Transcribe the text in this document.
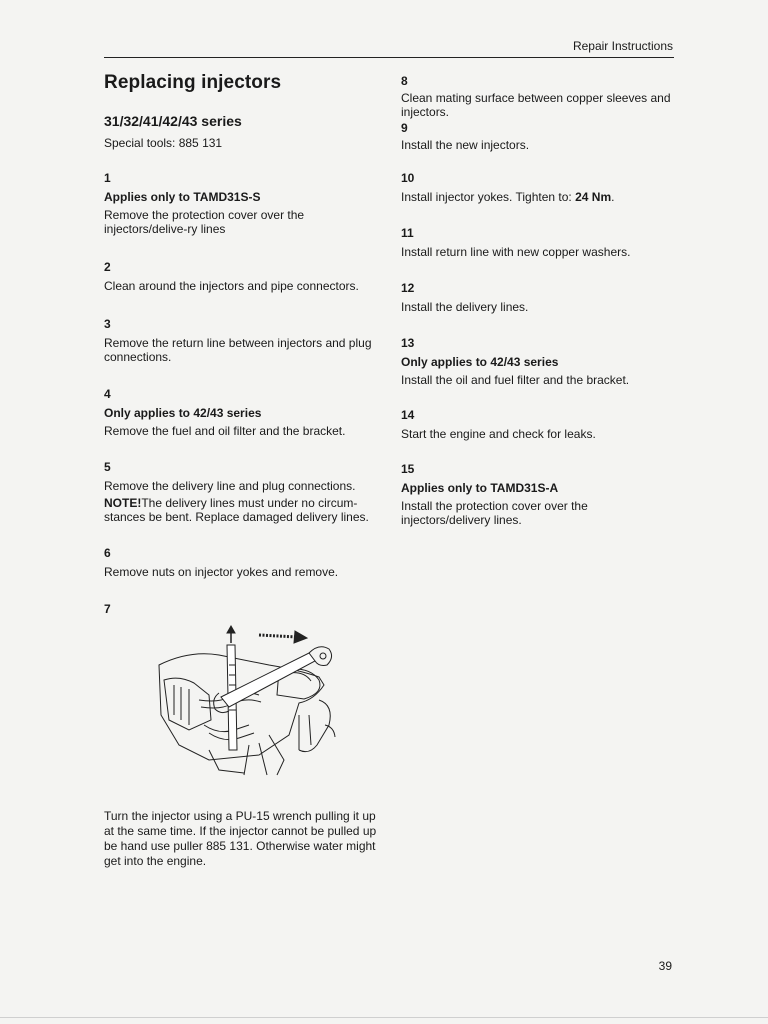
Repair Instructions
Replacing injectors
31/32/41/42/43 series
Special tools: 885 131
1
Applies only to TAMD31S-S
Remove the protection cover over the injectors/delive-ry lines
2
Clean around the injectors and pipe connectors.
3
Remove the return line between injectors and plug connections.
4
Only applies to 42/43 series
Remove the fuel and oil filter and the bracket.
5
Remove the delivery line and plug connections.
NOTE!The delivery lines must under no circum-stances be bent. Replace damaged delivery lines.
6
Remove nuts on injector yokes and remove.
7
Turn the injector using a PU-15 wrench pulling it up at the same time. If the injector cannot be pulled up be hand use puller 885 131. Otherwise water might get into the engine.
8
Clean mating surface between copper sleeves and injectors.
9
Install the new injectors.
10
Install injector yokes. Tighten to: 24 Nm.
11
Install return line with new copper washers.
12
Install the delivery lines.
13
Only applies to 42/43 series
Install the oil and fuel filter and the bracket.
14
Start the engine and check for leaks.
15
Applies only to TAMD31S-A
Install the protection cover over the injectors/delivery lines.
39
